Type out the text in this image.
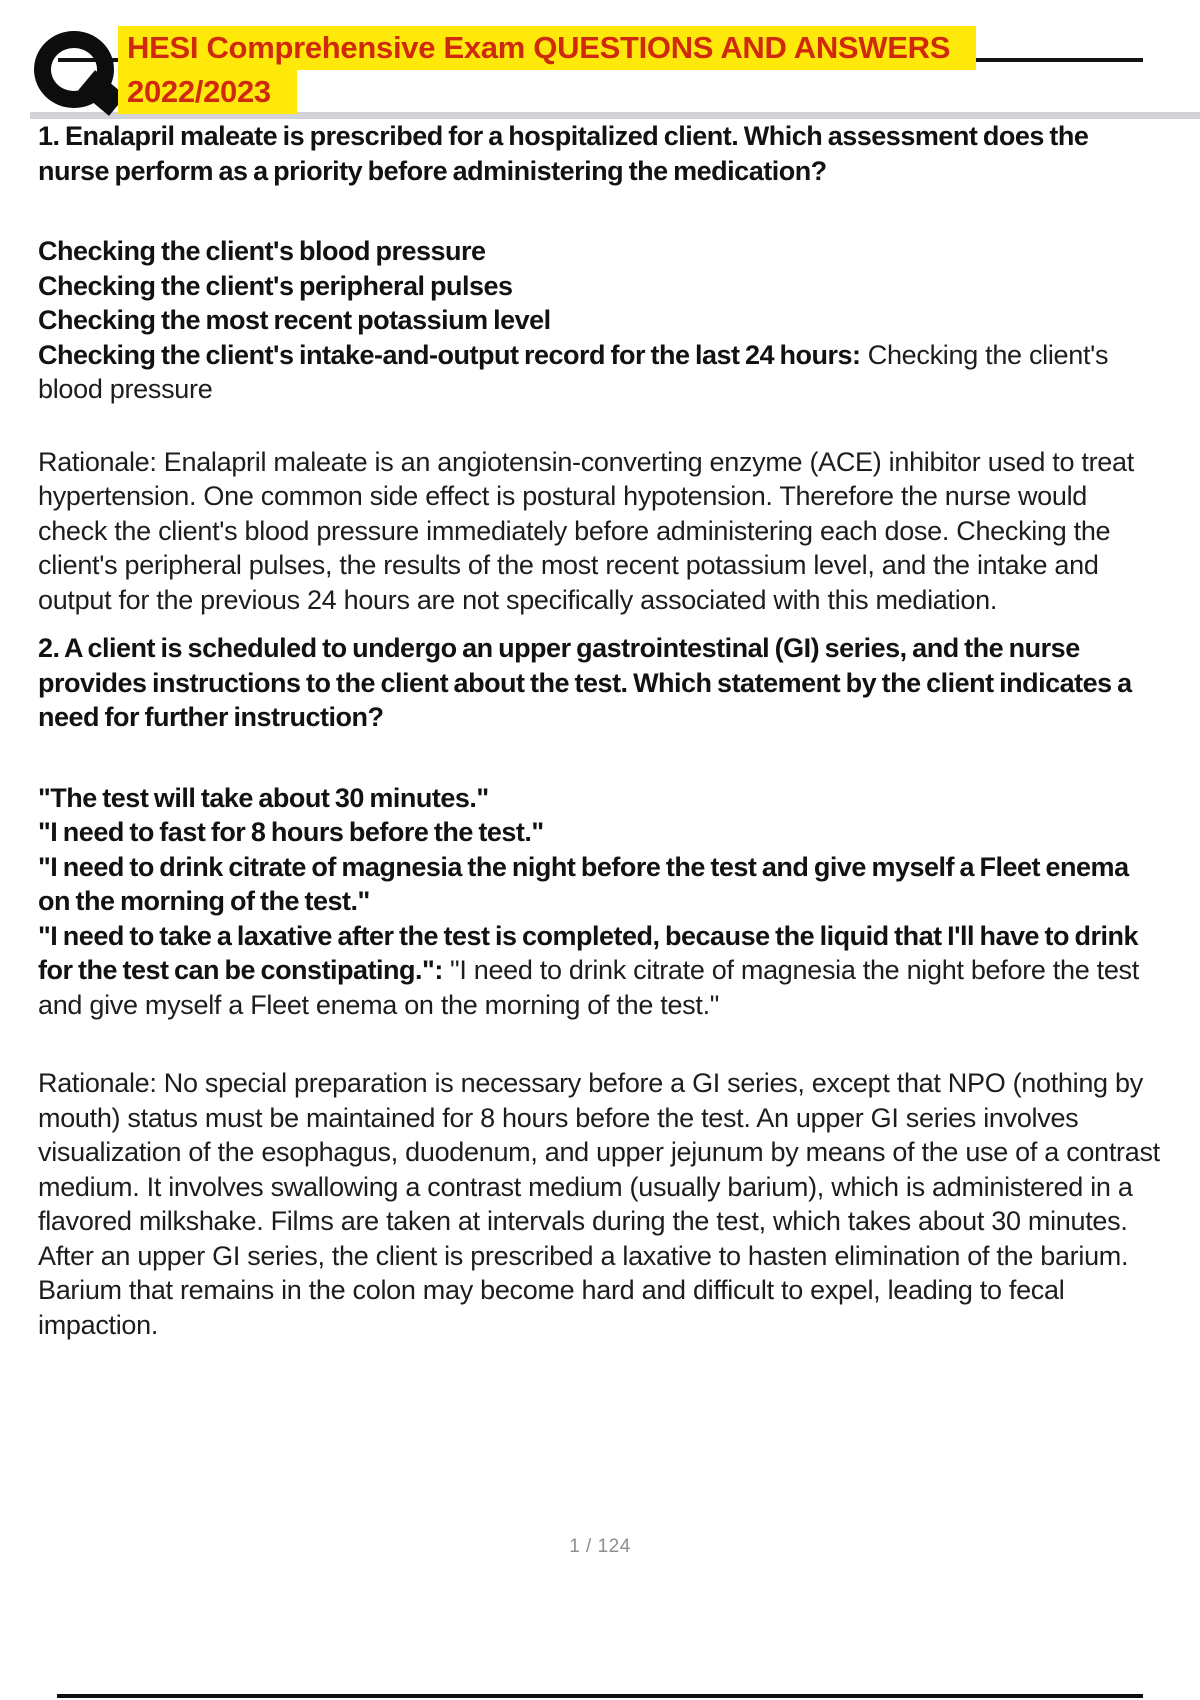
HESI Comprehensive Exam QUESTIONS AND ANSWERS
2022/2023

1. Enalapril maleate is prescribed for a hospitalized client. Which assessment does the nurse perform as a priority before administering the medication?

Checking the client's blood pressure
Checking the client's peripheral pulses
Checking the most recent potassium level
Checking the client's intake-and-output record for the last 24 hours: Checking the client's blood pressure

Rationale: Enalapril maleate is an angiotensin-converting enzyme (ACE) inhibitor used to treat hypertension. One common side effect is postural hypotension. Therefore the nurse would check the client's blood pressure immediately before administering each dose. Checking the client's peripheral pulses, the results of the most recent potassium level, and the intake and output for the previous 24 hours are not specifically associated with this mediation.

2. A client is scheduled to undergo an upper gastrointestinal (GI) series, and the nurse provides instructions to the client about the test. Which statement by the client indicates a need for further instruction?

"The test will take about 30 minutes."
"I need to fast for 8 hours before the test."
"I need to drink citrate of magnesia the night before the test and give myself a Fleet enema on the morning of the test."
"I need to take a laxative after the test is completed, because the liquid that I'll have to drink for the test can be constipating.": "I need to drink citrate of magnesia the night before the test and give myself a Fleet enema on the morning of the test."

Rationale: No special preparation is necessary before a GI series, except that NPO (nothing by mouth) status must be maintained for 8 hours before the test. An upper GI series involves visualization of the esophagus, duodenum, and upper jejunum by means of the use of a contrast medium. It involves swallowing a contrast medium (usually barium), which is administered in a flavored milkshake. Films are taken at intervals during the test, which takes about 30 minutes. After an upper GI series, the client is prescribed a laxative to hasten elimination of the barium. Barium that remains in the colon may become hard and difficult to expel, leading to fecal impaction.

1 / 124
